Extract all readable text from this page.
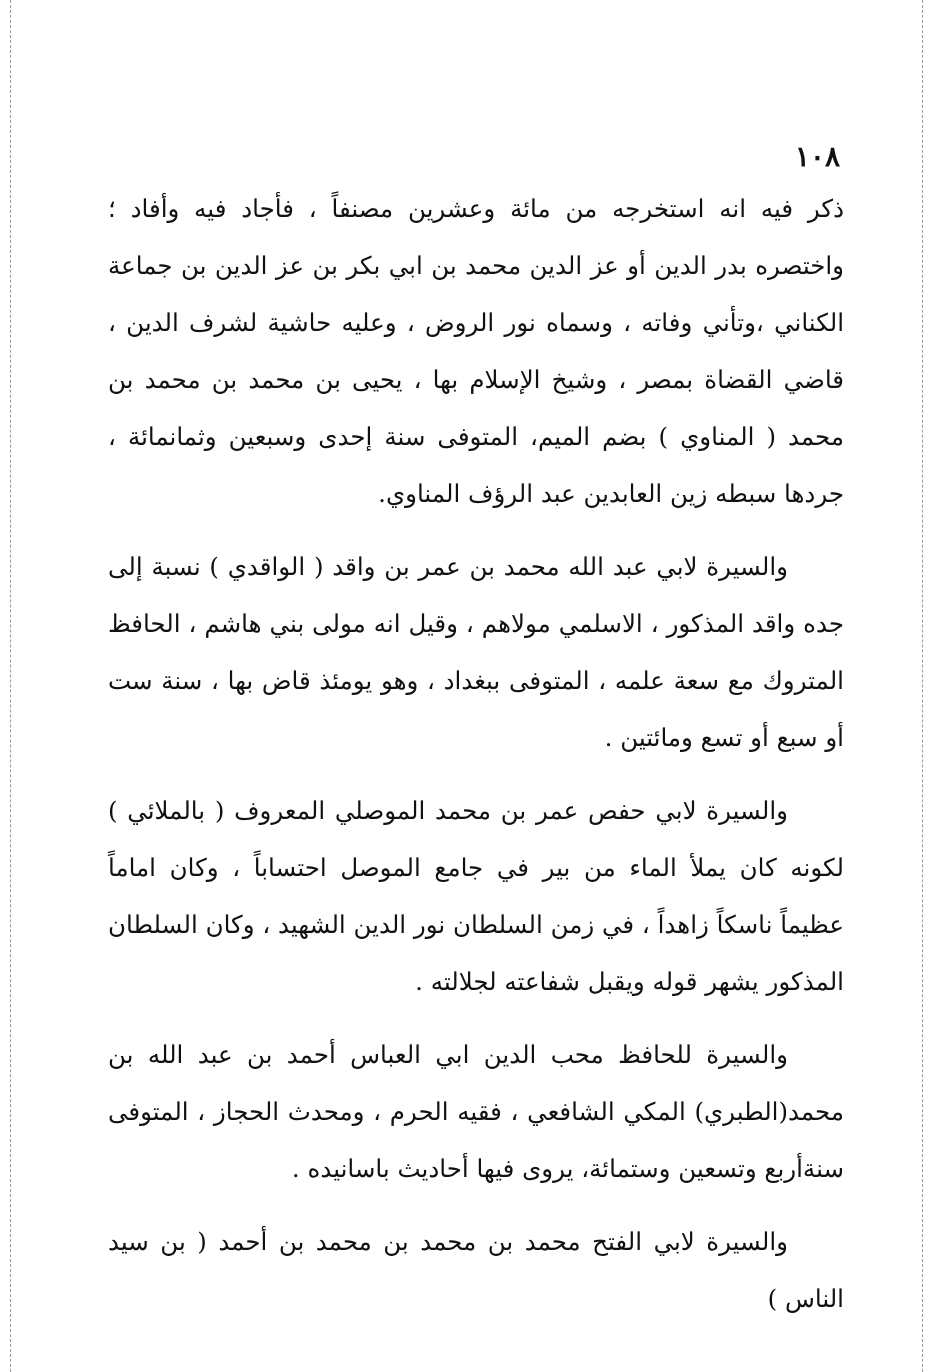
١٠٨

ذكر فيه انه استخرجه من مائة وعشرين مصنفاً ، فأجاد فيه وأفاد ؛ واختصره بدر الدين أو عز الدين محمد بن ابي بكر بن عز الدين بن جماعة الكناني ،وتأني وفاته ، وسماه نور الروض ، وعليه حاشية لشرف الدين ، قاضي القضاة بمصر ، وشيخ الإسلام بها ، يحيى بن محمد بن محمد بن محمد ( المناوي ) بضم الميم، المتوفى سنة إحدى وسبعين وثمانمائة ، جردها سبطه زين العابدين عبد الرؤف المناوي.

والسيرة لابي عبد الله محمد بن عمر بن واقد ( الواقدي ) نسبة إلى جده واقد المذكور ، الاسلمي مولاهم ، وقيل انه مولى بني هاشم ، الحافظ المتروك مع سعة علمه ، المتوفى ببغداد ، وهو يومئذ قاض بها ، سنة ست أو سبع أو تسع ومائتين .

والسيرة لابي حفص عمر بن محمد الموصلي المعروف ( بالملائي ) لكونه كان يملأ الماء من بير في جامع الموصل احتساباً ، وكان اماماً عظيماً ناسكاً زاهداً ، في زمن السلطان نور الدين الشهيد ، وكان السلطان المذكور يشهر قوله ويقبل شفاعته لجلالته .

والسيرة للحافظ محب الدين ابي العباس أحمد بن عبد الله بن محمد(الطبري) المكي الشافعي ، فقيه الحرم ، ومحدث الحجاز ، المتوفى سنةأربع وتسعين وستمائة، يروى فيها أحاديث باسانيده .

والسيرة لابي الفتح محمد بن محمد بن محمد بن أحمد ( بن سيد الناس )
